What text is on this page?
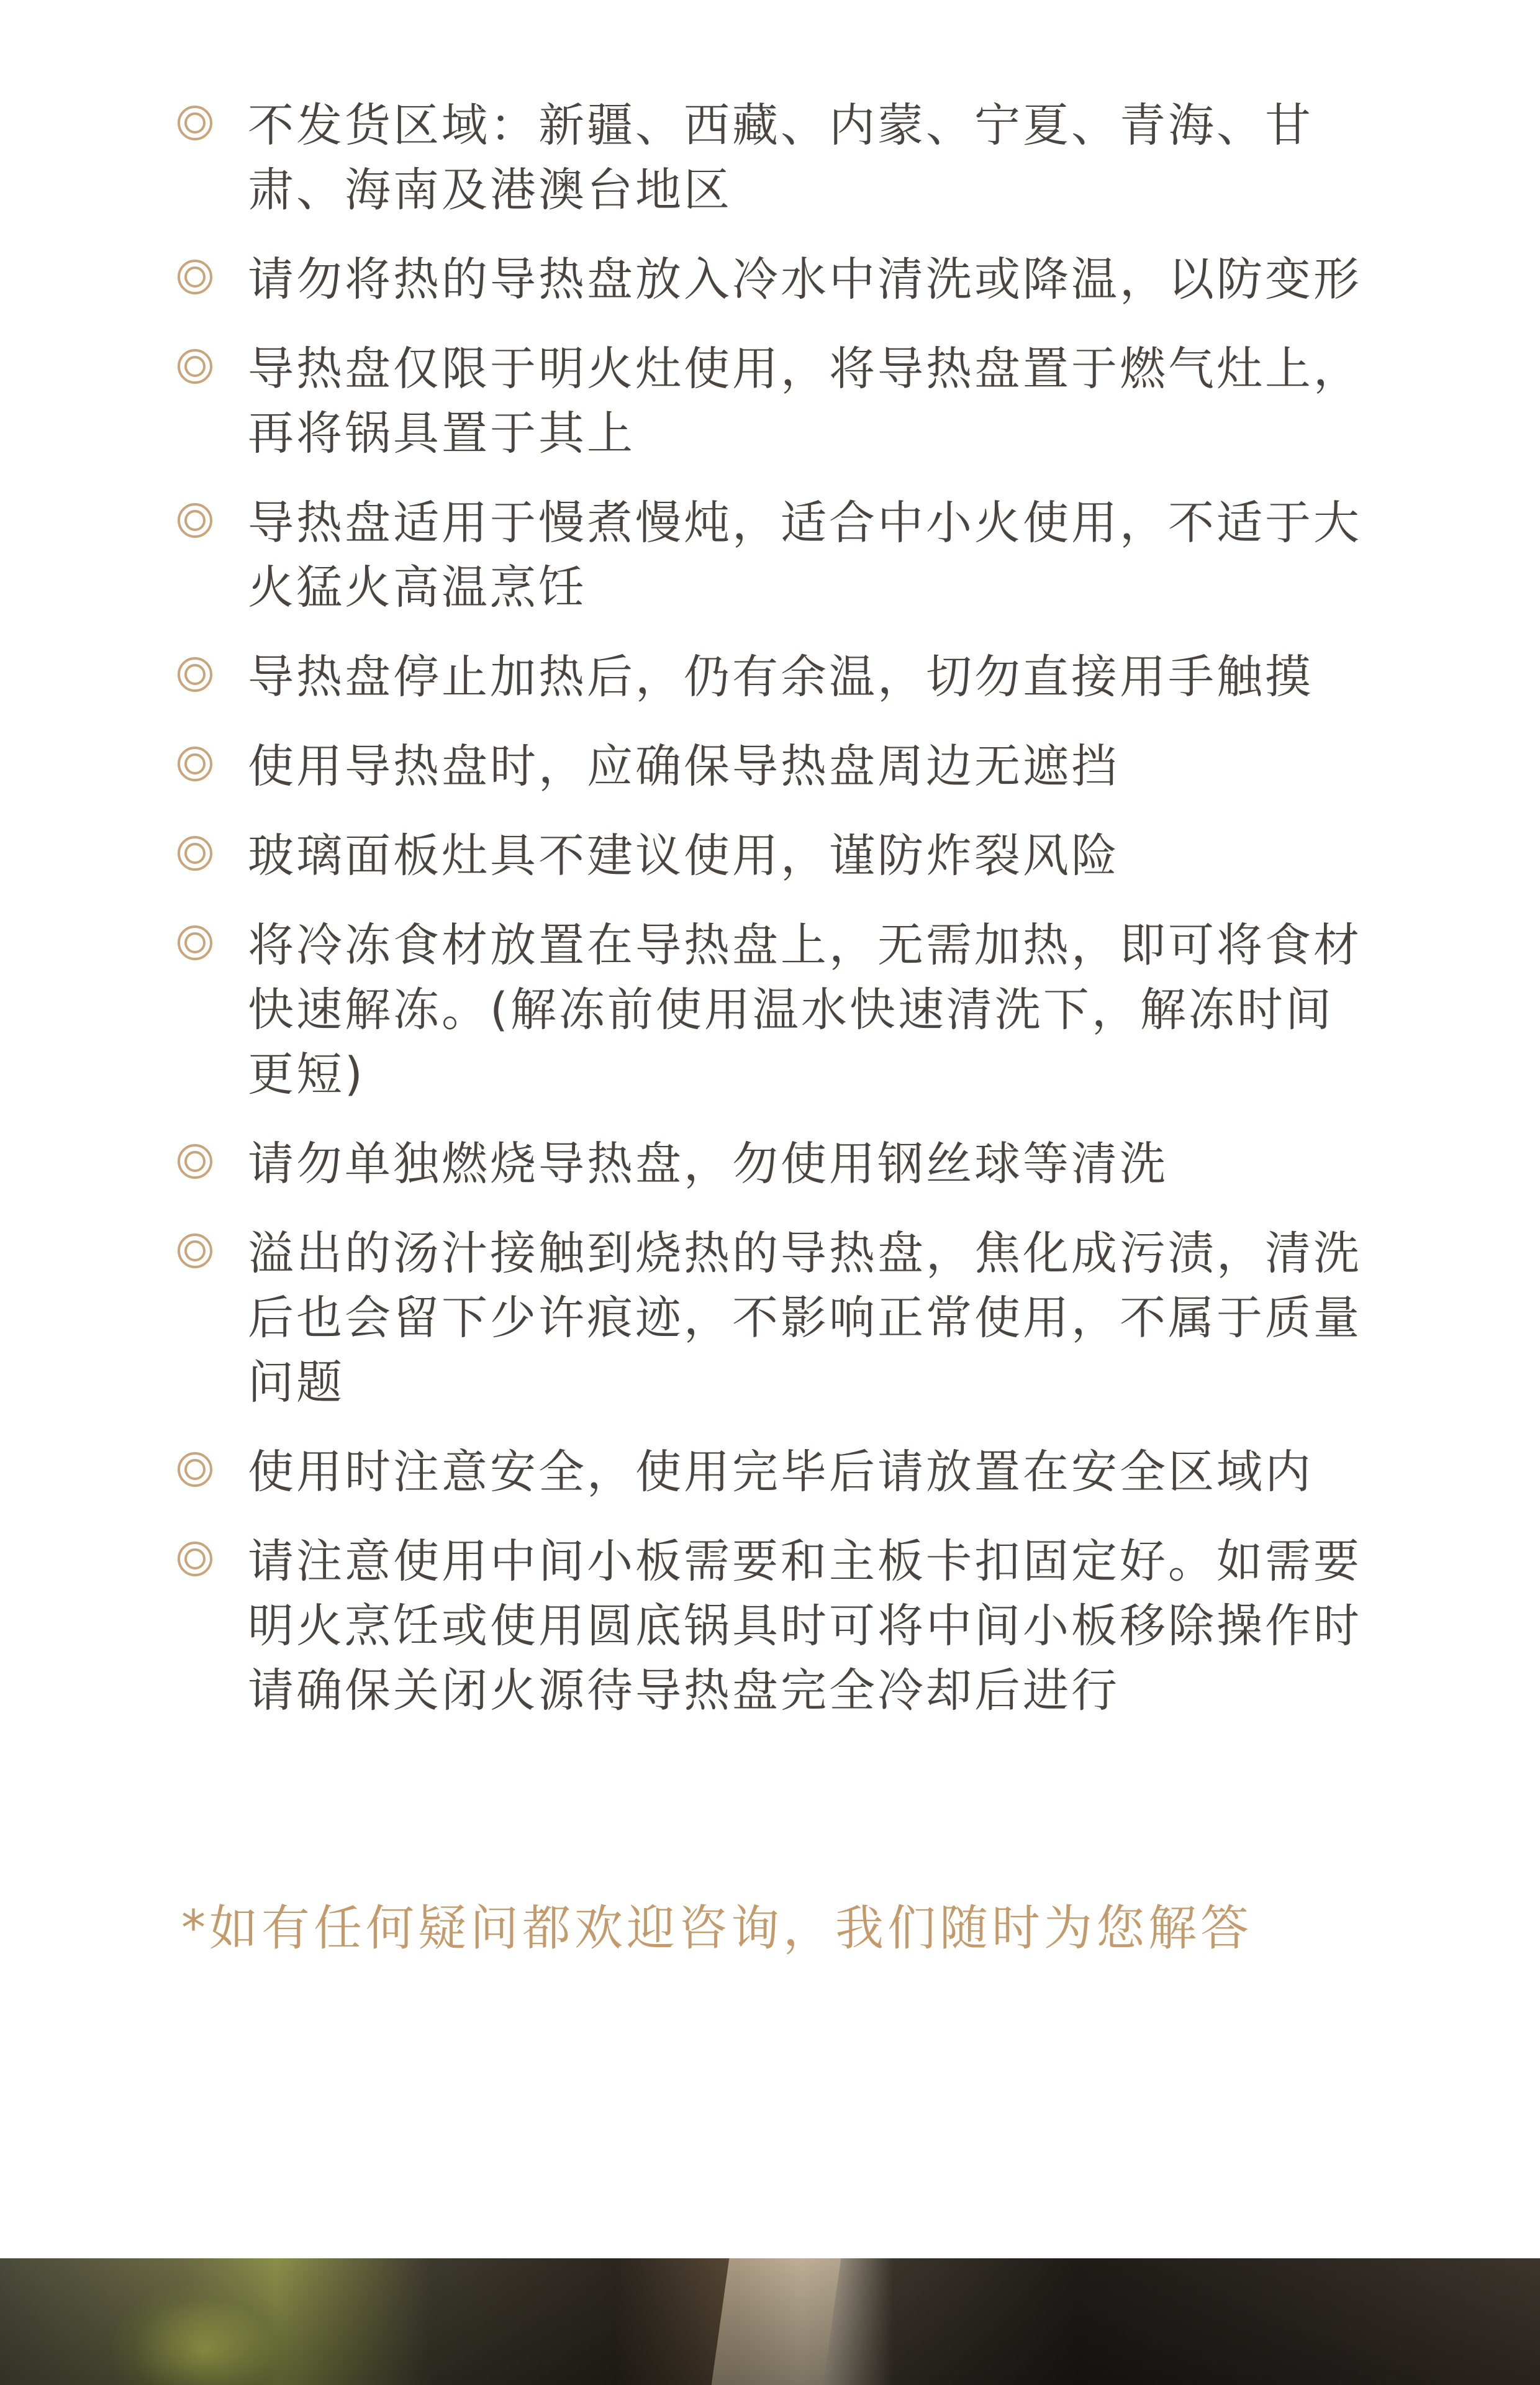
不发货区域：新疆、西藏、内蒙、宁夏、青海、甘肃、海南及港澳台地区
请勿将热的导热盘放入冷水中清洗或降温，以防变形
导热盘仅限于明火灶使用，将导热盘置于燃气灶上，再将锅具置于其上
导热盘适用于慢煮慢炖，适合中小火使用，不适于大火猛火高温烹饪
导热盘停止加热后，仍有余温，切勿直接用手触摸
使用导热盘时，应确保导热盘周边无遮挡
玻璃面板灶具不建议使用，谨防炸裂风险
将冷冻食材放置在导热盘上，无需加热，即可将食材快速解冻。(解冻前使用温水快速清洗下，解冻时间更短)
请勿单独燃烧导热盘，勿使用钢丝球等清洗
溢出的汤汁接触到烧热的导热盘，焦化成污渍，清洗后也会留下少许痕迹，不影响正常使用，不属于质量问题
使用时注意安全，使用完毕后请放置在安全区域内
请注意使用中间小板需要和主板卡扣固定好。如需要明火烹饪或使用圆底锅具时可将中间小板移除操作时请确保关闭火源待导热盘完全冷却后进行
*如有任何疑问都欢迎咨询，我们随时为您解答
